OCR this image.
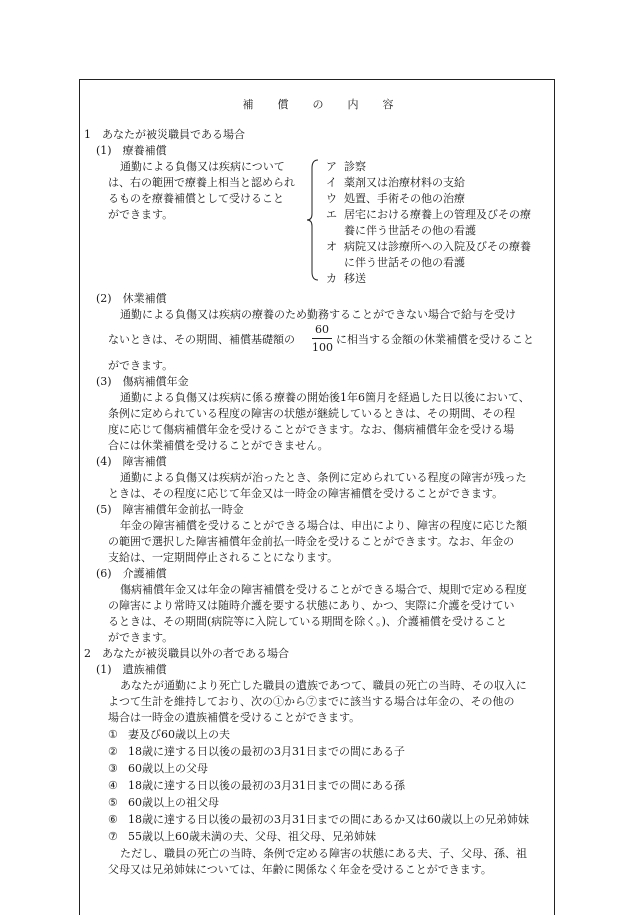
補 償 の 内 容
1　あなたが被災職員である場合
(1)　療養補償
通勤による負傷又は疾病について
は、右の範囲で療養上相当と認められ
るものを療養補償として受けること
ができます。
ア 診察
イ 薬剤又は治療材料の支給
ウ 処置、手術その他の治療
エ 居宅における療養上の管理及びその療
養に伴う世話その他の看護
オ 病院又は診療所への入院及びその療養
に伴う世話その他の看護
カ 移送
(2)　休業補償
通勤による負傷又は疾病の療養のため勤務することができない場合で給与を受け
ないときは、その期間、補償基礎額の
60
100
に相当する金額の休業補償を受けること
ができます。
(3)　傷病補償年金
通勤による負傷又は疾病に係る療養の開始後1年6箇月を経過した日以後において、
条例に定められている程度の障害の状態が継続しているときは、その期間、その程
度に応じて傷病補償年金を受けることができます。なお、傷病補償年金を受ける場
合には休業補償を受けることができません。
(4)　障害補償
通勤による負傷又は疾病が治ったとき、条例に定められている程度の障害が残った
ときは、その程度に応じて年金又は一時金の障害補償を受けることができます。
(5)　障害補償年金前払一時金
年金の障害補償を受けることができる場合は、申出により、障害の程度に応じた額
の範囲で選択した障害補償年金前払一時金を受けることができます。なお、年金の
支給は、一定期間停止されることになります。
(6)　介護補償
傷病補償年金又は年金の障害補償を受けることができる場合で、規則で定める程度
の障害により常時又は随時介護を要する状態にあり、かつ、実際に介護を受けてい
るときは、その期間(病院等に入院している期間を除く。)、介護補償を受けること
ができます。
2　あなたが被災職員以外の者である場合
(1)　遺族補償
あなたが通勤により死亡した職員の遺族であつて、職員の死亡の当時、その収入に
よつて生計を維持しており、次の①から⑦までに該当する場合は年金の、その他の
場合は一時金の遺族補償を受けることができます。
① 妻及び60歳以上の夫
② 18歳に達する日以後の最初の3月31日までの間にある子
③ 60歳以上の父母
④ 18歳に達する日以後の最初の3月31日までの間にある孫
⑤ 60歳以上の祖父母
⑥ 18歳に達する日以後の最初の3月31日までの間にあるか又は60歳以上の兄弟姉妹
⑦ 55歳以上60歳未満の夫、父母、祖父母、兄弟姉妹
ただし、職員の死亡の当時、条例で定める障害の状態にある夫、子、父母、孫、祖
父母又は兄弟姉妹については、年齢に関係なく年金を受けることができます。
